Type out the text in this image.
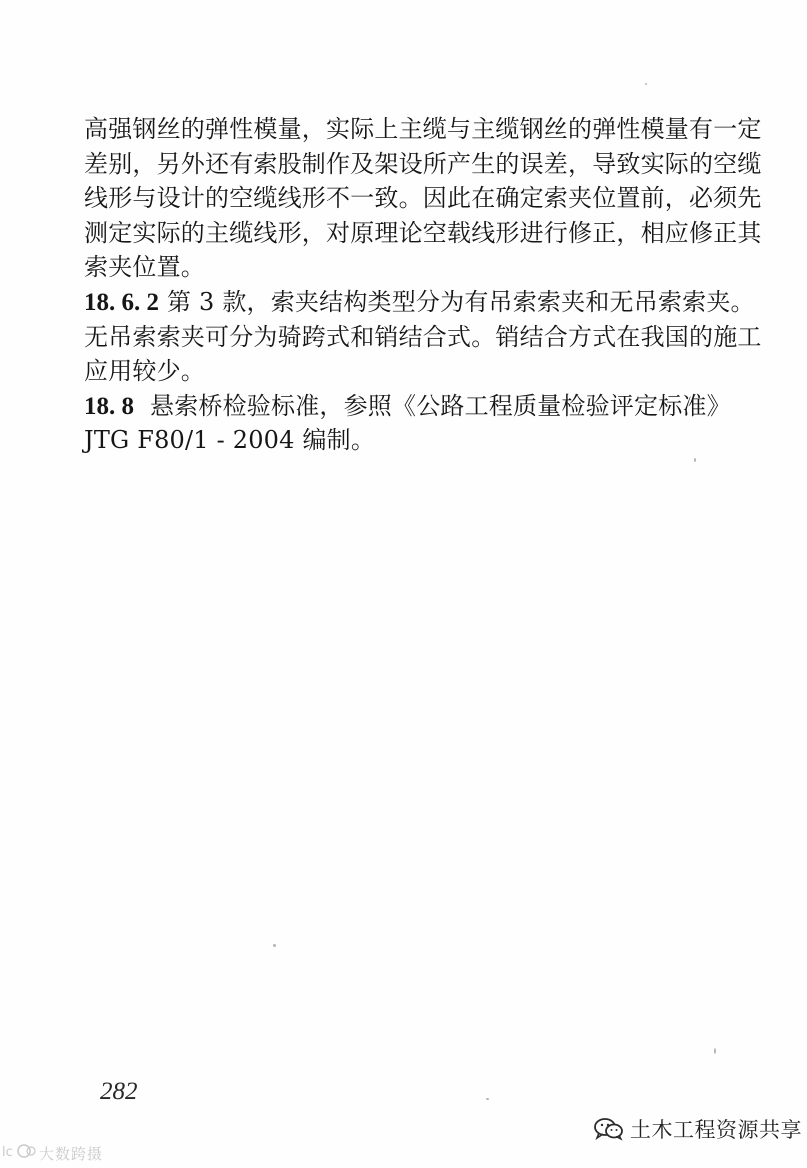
高强钢丝的弹性模量，实际上主缆与主缆钢丝的弹性模量有一定
差别，另外还有索股制作及架设所产生的误差，导致实际的空缆
线形与设计的空缆线形不一致。因此在确定索夹位置前，必须先
测定实际的主缆线形，对原理论空载线形进行修正，相应修正其
索夹位置。
18. 6. 2 第 3 款，索夹结构类型分为有吊索索夹和无吊索索夹。
无吊索索夹可分为骑跨式和销结合式。销结合方式在我国的施工
应用较少。
18. 8 悬索桥检验标准，参照《公路工程质量检验评定标准》
JTG F80/1 - 2004 编制。
282
lc 大数跨摄
土木工程资源共享
